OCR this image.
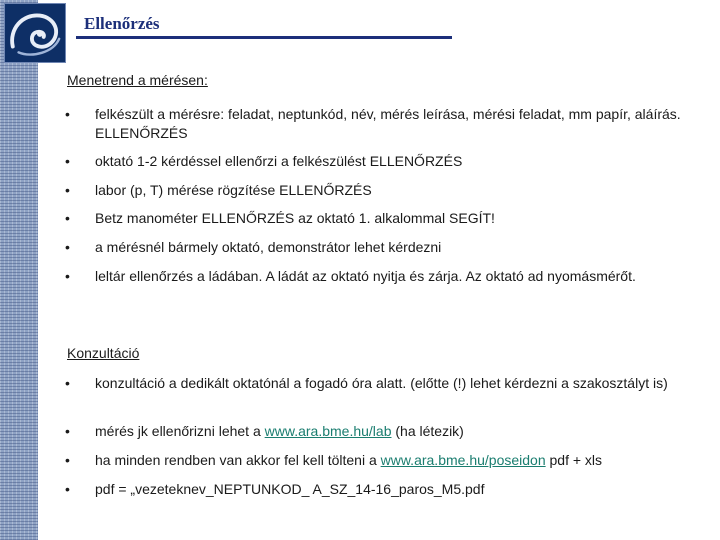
Ellenőrzés
Menetrend a mérésen:
•	felkészült a mérésre: feladat, neptunkód, név, mérés leírása, mérési feladat, mm papír, aláírás. ELLENŐRZÉS
•	oktató 1-2 kérdéssel ellenőrzi a felkészülést ELLENŐRZÉS
•	labor (p, T) mérése rögzítése ELLENŐRZÉS
•	Betz manométer ELLENŐRZÉS az oktató 1. alkalommal SEGÍT!
•	a mérésnél bármely oktató, demonstrátor lehet kérdezni
•	leltár ellenőrzés a ládában. A ládát az oktató nyitja és zárja. Az oktató ad nyomásmérőt.
Konzultáció
•	konzultáció a dedikált oktatónál a fogadó óra alatt. (előtte (!) lehet kérdezni a szakosztályt is)
•	mérés jk ellenőrizni lehet a www.ara.bme.hu/lab (ha létezik)
•	ha minden rendben van akkor fel kell tölteni a www.ara.bme.hu/poseidon pdf + xls
•	pdf = „vezeteknev_NEPTUNKOD_ A_SZ_14-16_paros_M5.pdf
